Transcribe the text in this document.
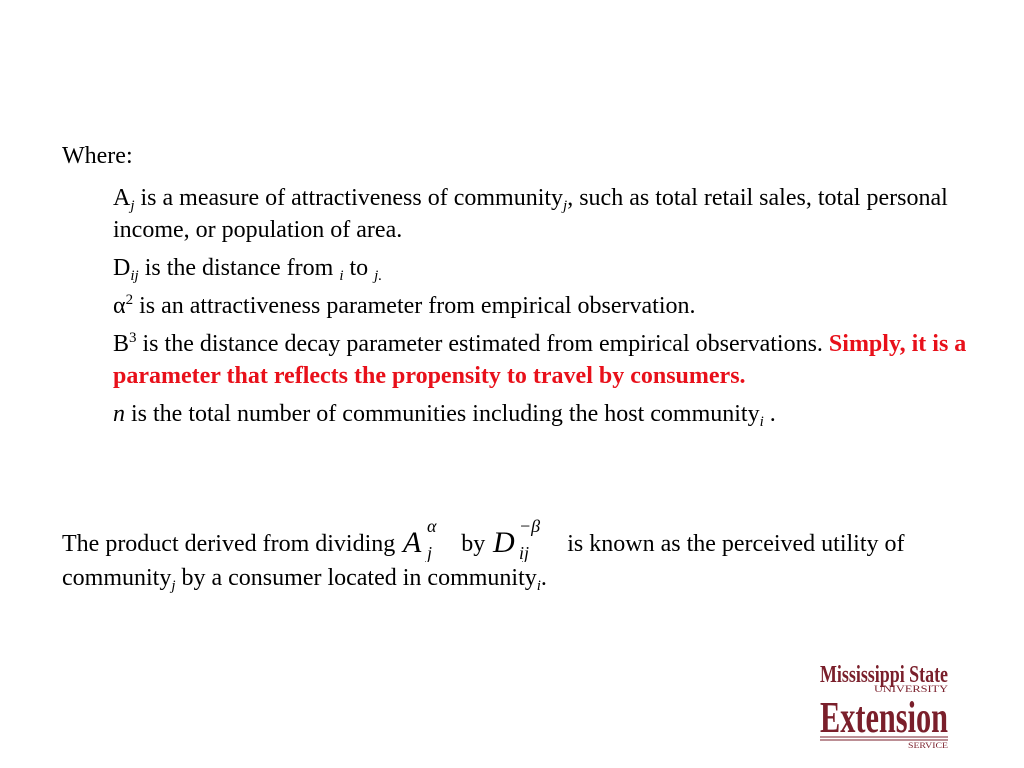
Where:

$A_j$ is a measure of attractiveness of community$_j$, such as total retail sales, total personal income, or population of area.

$D_{ij}$ is the distance from $_i$ to $_{j.}$

$\alpha^2$ is an attractiveness parameter from empirical observation.

$B^3$ is the distance decay parameter estimated from empirical observations. Simply, it is a parameter that reflects the propensity to travel by consumers.

n is the total number of communities including the host community$_i$ .

The product derived from dividing A α
j by D −β
ij is known as the perceived utility of community$_j$ by a consumer located in community$_i$.
Mississippi State
UNIVERSITY
Extension
SERVICE
